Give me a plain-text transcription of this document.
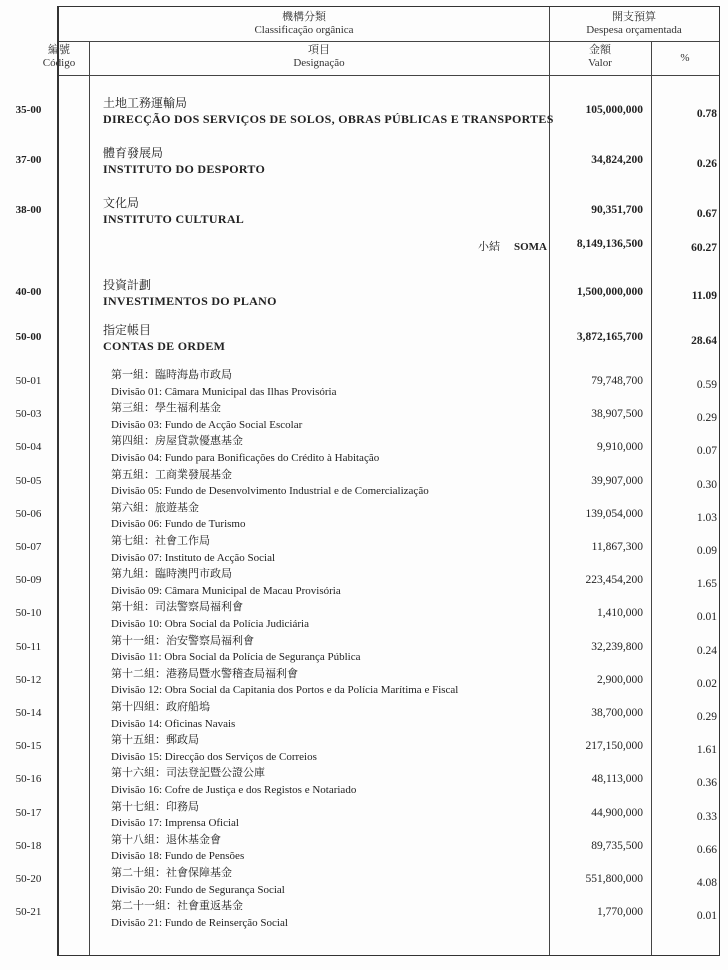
機構分類
Classificação orgânica
開支預算
Despesa orçamentada
編號
Código
項目
Designação
金額
Valor	%
35-00	土地工務運輸局
DIRECÇÃO DOS SERVIÇOS DE SOLOS, OBRAS PÚBLICAS E TRANSPORTES
105,000,000	0.78
37-00	體育發展局
INSTITUTO DO DESPORTO
34,824,200	0.26
38-00	文化局
INSTITUTO CULTURAL
90,351,700	0.67
小結 SOMA	8,149,136,500	60.27
40-00	投資計劃
INVESTIMENTOS DO PLANO
1,500,000,000	11.09
50-00	指定帳目
CONTAS DE ORDEM
3,872,165,700	28.64
50-01	第一組：臨時海島市政局
Divisão 01: Câmara Municipal das Ilhas Provisória
79,748,700	0.59
50-03	第三組：學生福利基金
Divisão 03: Fundo de Acção Social Escolar
38,907,500	0.29
50-04	第四組：房屋貸款優惠基金
Divisão 04: Fundo para Bonificações do Crédito à Habitação
9,910,000	0.07
50-05	第五組：工商業發展基金
Divisão 05: Fundo de Desenvolvimento Industrial e de Comercialização
39,907,000	0.30
50-06	第六組：旅遊基金
Divisão 06: Fundo de Turismo
139,054,000	1.03
50-07	第七組：社會工作局
Divisão 07: Instituto de Acção Social
11,867,300	0.09
50-09	第九組：臨時澳門市政局
Divisão 09: Câmara Municipal de Macau Provisória
223,454,200	1.65
50-10	第十組：司法警察局福利會
Divisão 10: Obra Social da Polícia Judiciária
1,410,000	0.01
50-11	第十一組：治安警察局福利會
Divisão 11: Obra Social da Polícia de Segurança Pública
32,239,800	0.24
50-12	第十二組：港務局暨水警稽查局福利會
Divisão 12: Obra Social da Capitania dos Portos e da Polícia Marítima e Fiscal
2,900,000	0.02
50-14	第十四組：政府船塢
Divisão 14: Oficinas Navais
38,700,000	0.29
50-15	第十五組：郵政局
Divisão 15: Direcção dos Serviços de Correios
217,150,000	1.61
50-16	第十六組：司法登記暨公證公庫
Divisão 16: Cofre de Justiça e dos Registos e Notariado
48,113,000	0.36
50-17	第十七組：印務局
Divisão 17: Imprensa Oficial
44,900,000	0.33
50-18	第十八組：退休基金會
Divisão 18: Fundo de Pensões
89,735,500	0.66
50-20	第二十組：社會保障基金
Divisão 20: Fundo de Segurança Social
551,800,000	4.08
50-21	第二十一組：社會重返基金
Divisão 21: Fundo de Reinserção Social
1,770,000	0.01
